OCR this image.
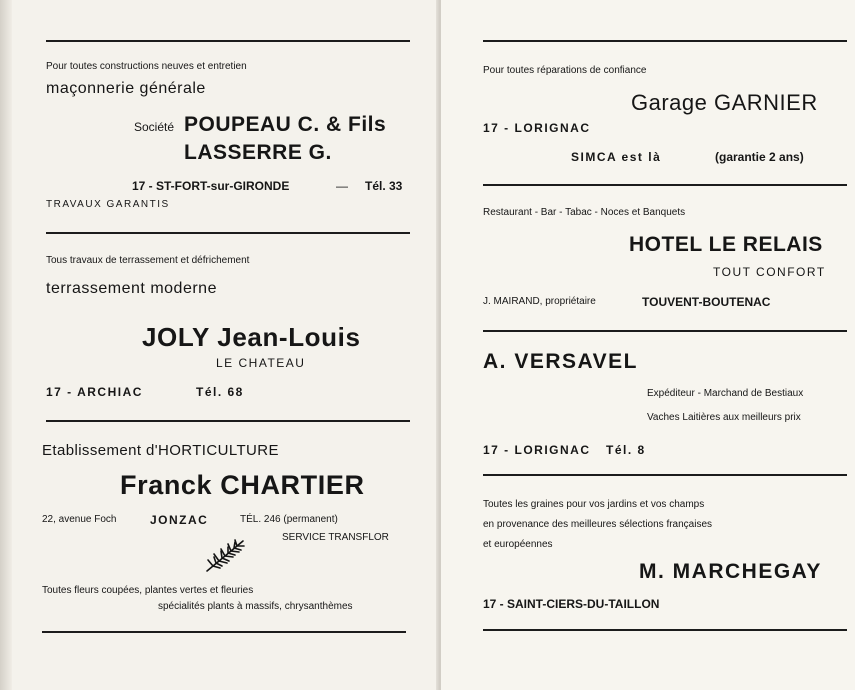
Pour toutes constructions neuves et entretien
maçonnerie générale
Société POUPEAU C. & Fils
LASSERRE G.
17 - ST-FORT-sur-GIRONDE	— Tél. 33
TRAVAUX GARANTIS
Tous travaux de terrassement et défrichement
terrassement moderne
JOLY Jean-Louis
LE CHATEAU
17 - ARCHIAC	Tél. 68
Etablissement d'HORTICULTURE
Franck CHARTIER
22, avenue Foch	JONZAC	TÉL. 246 (permanent)
SERVICE TRANSFLOR
Toutes fleurs coupées, plantes vertes et fleuries
spécialités plants à massifs, chrysanthèmes
Pour toutes réparations de confiance
Garage GARNIER
17 - LORIGNAC
SIMCA est là	(garantie 2 ans)
Restaurant - Bar - Tabac - Noces et Banquets
HOTEL LE RELAIS
TOUT CONFORT
J. MAIRAND, propriétaire	TOUVENT-BOUTENAC
A. VERSAVEL
Expéditeur - Marchand de Bestiaux
Vaches Laitières aux meilleurs prix
17 - LORIGNAC Tél. 8
Toutes les graines pour vos jardins et vos champs
en provenance des meilleures sélections françaises
et européennes
M. MARCHEGAY
17 - SAINT-CIERS-DU-TAILLON
